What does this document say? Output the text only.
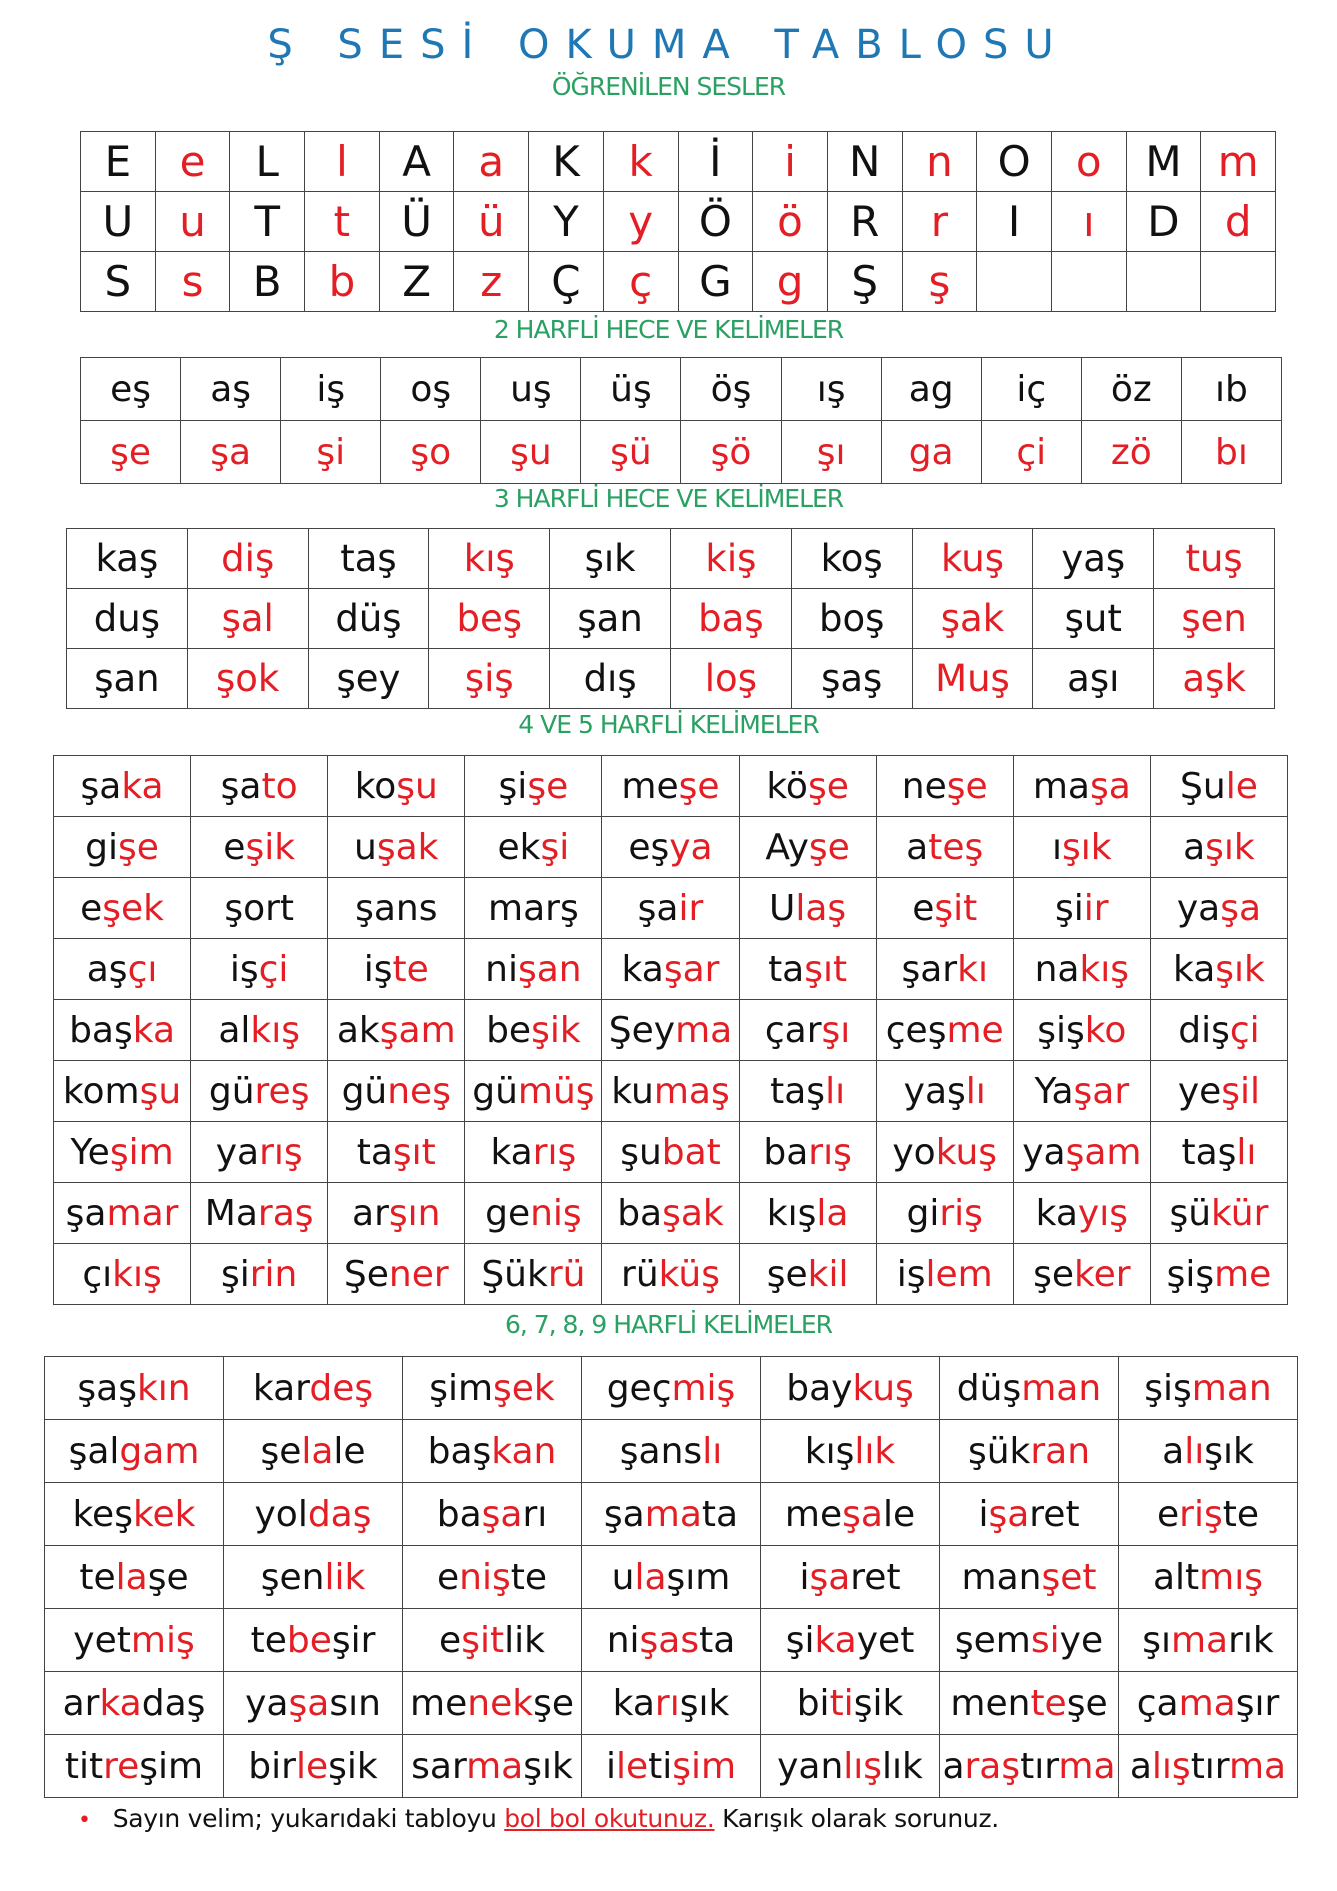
Ş SESİ OKUMA TABLOSU
ÖĞRENİLEN SESLER
E	e	L	l	A	a	K	k	İ	i	N	n	O	o	M	m
U	u	T	t	Ü	ü	Y	y	Ö	ö	R	r	I	ı	D	d
S	s	B	b	Z	z	Ç	ç	G	g	Ş	ş				
2 HARFLİ HECE VE KELİMELER
eş	aş	iş	oş	uş	üş	öş	ış	ag	iç	öz	ıb
şe	şa	şi	şo	şu	şü	şö	şı	ga	çi	zö	bı
3 HARFLİ HECE VE KELİMELER
kaş	diş	taş	kış	şık	kiş	koş	kuş	yaş	tuş
duş	şal	düş	beş	şan	baş	boş	şak	şut	şen
şan	şok	şey	şiş	dış	loş	şaş	Muş	aşı	aşk
4 VE 5 HARFLİ KELİMELER
şaka	şato	koşu	şişe	meşe	köşe	neşe	maşa	Şule
gişe	eşik	uşak	ekşi	eşya	Ayşe	ateş	ışık	aşık
eşek	şort	şans	marş	şair	Ulaş	eşit	şiir	yaşa
aşçı	işçi	işte	nişan	kaşar	taşıt	şarkı	nakış	kaşık
başka	alkış	akşam	beşik	Şeyma	çarşı	çeşme	şişko	dişçi
komşu	güreş	güneş	gümüş	kumaş	taşlı	yaşlı	Yaşar	yeşil
Yeşim	yarış	taşıt	karış	şubat	barış	yokuş	yaşam	taşlı
şamar	Maraş	arşın	geniş	başak	kışla	giriş	kayış	şükür
çıkış	şirin	Şener	Şükrü	rüküş	şekil	işlem	şeker	şişme
6, 7, 8, 9 HARFLİ KELİMELER
şaşkın	kardeş	şimşek	geçmiş	baykuş	düşman	şişman
şalgam	şelale	başkan	şanslı	kışlık	şükran	alışık
keşkek	yoldaş	başarı	şamata	meşale	işaret	erişte
telaşe	şenlik	enişte	ulaşım	işaret	manşet	altmış
yetmiş	tebeşir	eşitlik	nişasta	şikayet	şemsiye	şımarık
arkadaş	yaşasın	menekşe	karışık	bitişik	menteşe	çamaşır
titreşim	birleşik	sarmaşık	iletişim	yanlışlık	araştırma	alıştırma
• Sayın velim; yukarıdaki tabloyu bol bol okutunuz. Karışık olarak sorunuz.
